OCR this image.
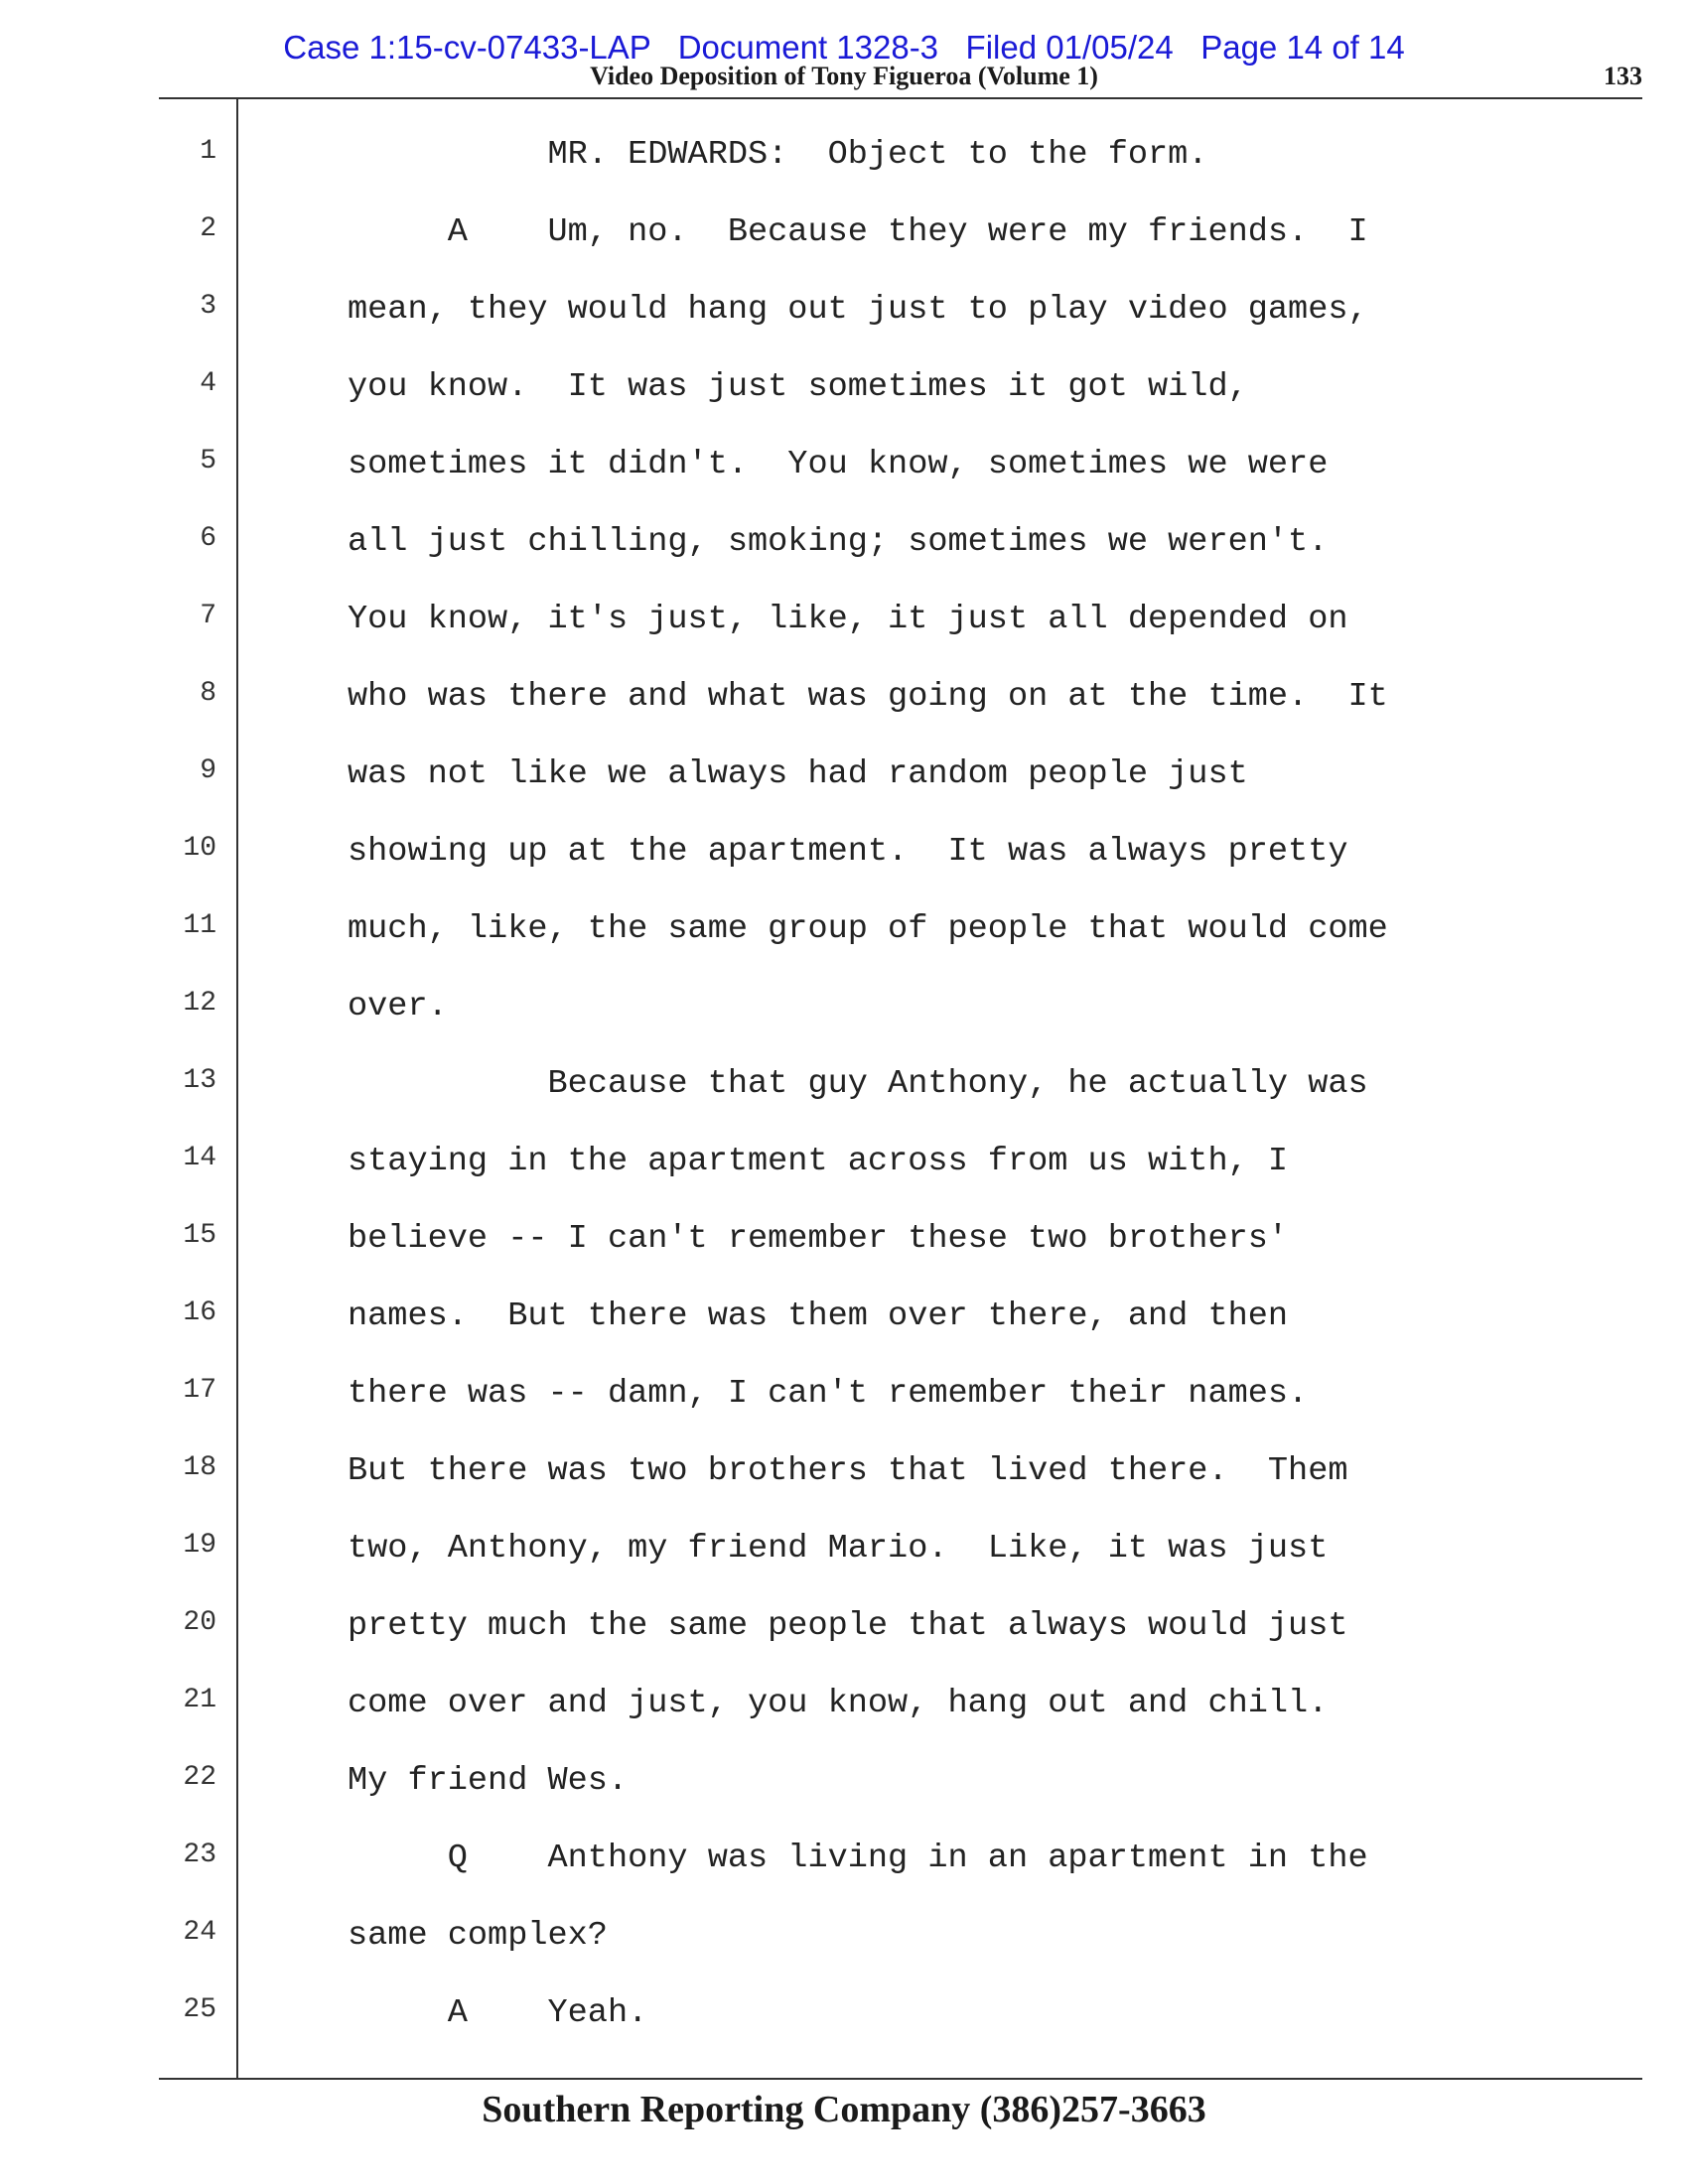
Case 1:15-cv-07433-LAP   Document 1328-3   Filed 01/05/24   Page 14 of 14
Video Deposition of Tony Figueroa (Volume 1)	133
1	MR. EDWARDS:  Object to the form.
2	A    Um, no.  Because they were my friends.  I
3	mean, they would hang out just to play video games,
4	you know.  It was just sometimes it got wild,
5	sometimes it didn't.  You know, sometimes we were
6	all just chilling, smoking; sometimes we weren't.
7	You know, it's just, like, it just all depended on
8	who was there and what was going on at the time.  It
9	was not like we always had random people just
10	showing up at the apartment.  It was always pretty
11	much, like, the same group of people that would come
12	over.
13	Because that guy Anthony, he actually was
14	staying in the apartment across from us with, I
15	believe -- I can't remember these two brothers'
16	names.  But there was them over there, and then
17	there was -- damn, I can't remember their names.
18	But there was two brothers that lived there.  Them
19	two, Anthony, my friend Mario.  Like, it was just
20	pretty much the same people that always would just
21	come over and just, you know, hang out and chill.
22	My friend Wes.
23	Q    Anthony was living in an apartment in the
24	same complex?
25	A    Yeah.
Southern Reporting Company (386)257-3663
